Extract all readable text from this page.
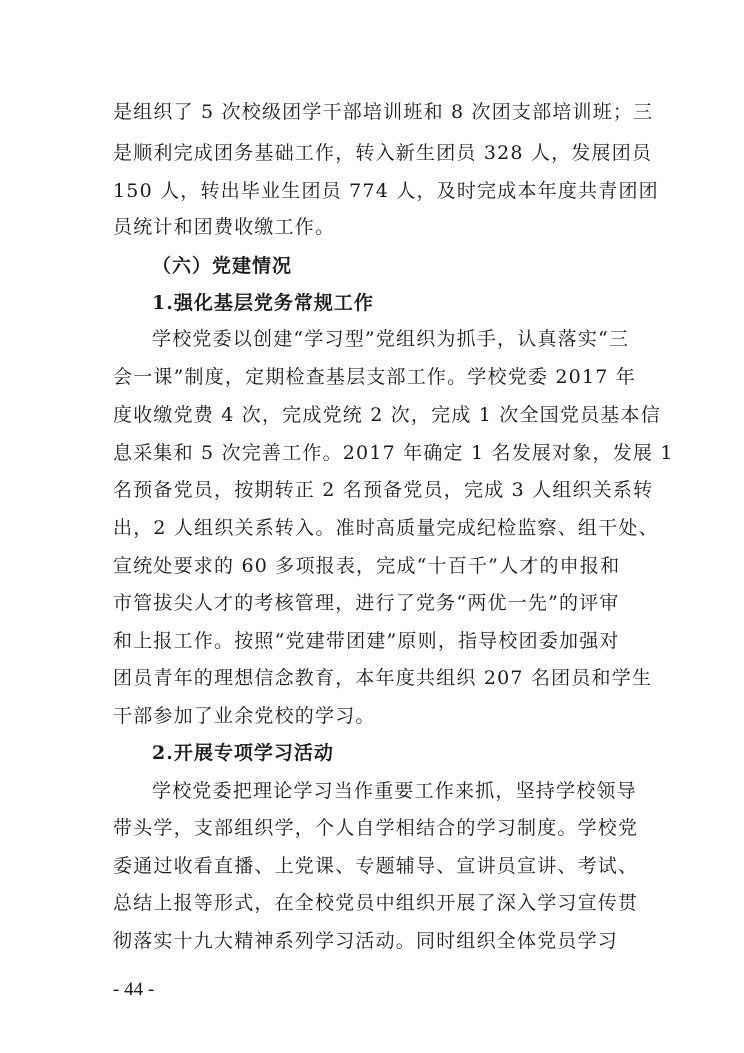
是组织了 5 次校级团学干部培训班和 8 次团支部培训班；三
是顺利完成团务基础工作，转入新生团员 328 人，发展团员
150 人，转出毕业生团员 774 人，及时完成本年度共青团团
员统计和团费收缴工作。
（六）党建情况
1.强化基层党务常规工作
学校党委以创建“学习型”党组织为抓手，认真落实“三
会一课”制度，定期检查基层支部工作。学校党委 2017 年
度收缴党费 4 次，完成党统 2 次，完成 1 次全国党员基本信
息采集和 5 次完善工作。2017 年确定 1 名发展对象，发展 1
名预备党员，按期转正 2 名预备党员，完成 3 人组织关系转
出，2 人组织关系转入。准时高质量完成纪检监察、组干处、
宣统处要求的 60 多项报表，完成“十百千”人才的申报和
市管拔尖人才的考核管理，进行了党务“两优一先”的评审
和上报工作。按照“党建带团建”原则，指导校团委加强对
团员青年的理想信念教育，本年度共组织 207 名团员和学生
干部参加了业余党校的学习。
2.开展专项学习活动
学校党委把理论学习当作重要工作来抓，坚持学校领导
带头学，支部组织学，个人自学相结合的学习制度。学校党
委通过收看直播、上党课、专题辅导、宣讲员宣讲、考试、
总结上报等形式，在全校党员中组织开展了深入学习宣传贯
彻落实十九大精神系列学习活动。同时组织全体党员学习
- 44 -
